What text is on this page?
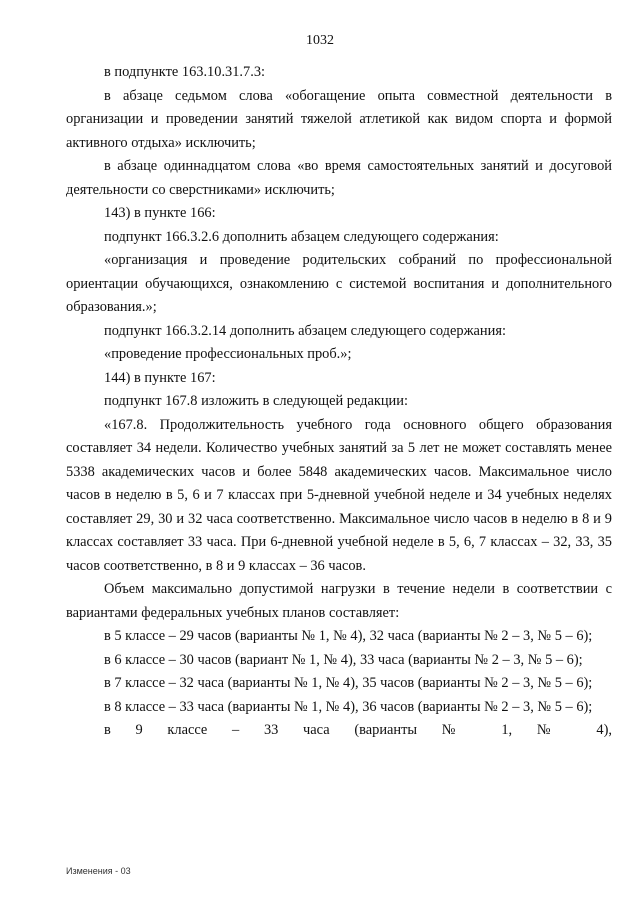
1032

в подпункте 163.10.31.7.3:

в абзаце седьмом слова «обогащение опыта совместной деятельности в организации и проведении занятий тяжелой атлетикой как видом спорта и формой активного отдыха» исключить;

в абзаце одиннадцатом слова «во время самостоятельных занятий и досуговой деятельности со сверстниками» исключить;

143) в пункте 166:

подпункт 166.3.2.6 дополнить абзацем следующего содержания:

«организация и проведение родительских собраний по профессиональной ориентации обучающихся, ознакомлению с системой воспитания и дополнительного образования.»;

подпункт 166.3.2.14 дополнить абзацем следующего содержания:

«проведение профессиональных проб.»;

144) в пункте 167:

подпункт 167.8 изложить в следующей редакции:

«167.8. Продолжительность учебного года основного общего образования составляет 34 недели. Количество учебных занятий за 5 лет не может составлять менее 5338 академических часов и более 5848 академических часов. Максимальное число часов в неделю в 5, 6 и 7 классах при 5-дневной учебной неделе и 34 учебных неделях составляет 29, 30 и 32 часа соответственно. Максимальное число часов в неделю в 8 и 9 классах составляет 33 часа. При 6-дневной учебной неделе в 5, 6, 7 классах – 32, 33, 35 часов соответственно, в 8 и 9 классах – 36 часов.

Объем максимально допустимой нагрузки в течение недели в соответствии с вариантами федеральных учебных планов составляет:

в 5 классе – 29 часов (варианты № 1, № 4), 32 часа (варианты № 2 – 3, № 5 – 6);

в 6 классе – 30 часов (вариант № 1, № 4), 33 часа (варианты № 2 – 3, № 5 – 6);

в 7 классе – 32 часа (варианты № 1, № 4), 35 часов (варианты № 2 – 3, № 5 – 6);

в 8 классе – 33 часа (варианты № 1, № 4), 36 часов (варианты № 2 – 3, № 5 – 6);

в 9 классе – 33 часа (варианты № 1, № 4),

Изменения - 03
